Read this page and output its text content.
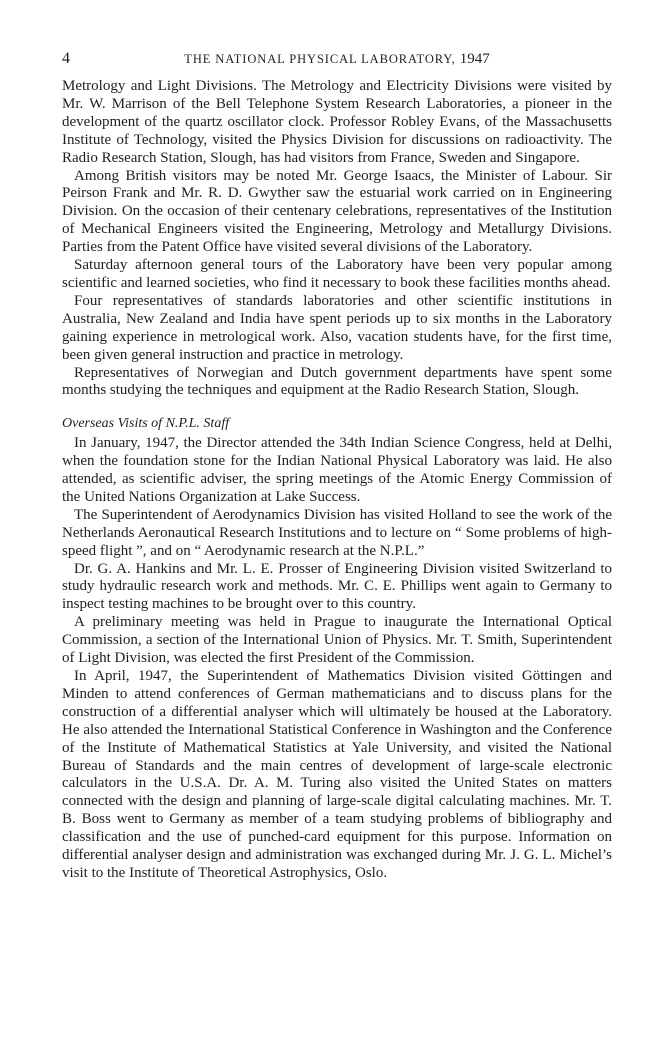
4	THE NATIONAL PHYSICAL LABORATORY, 1947

Metrology and Light Divisions. The Metrology and Electricity Divisions were visited by Mr. W. Marrison of the Bell Telephone System Research Laboratories, a pioneer in the development of the quartz oscillator clock. Professor Robley Evans, of the Massachusetts Institute of Technology, visited the Physics Division for discussions on radioactivity. The Radio Research Station, Slough, has had visitors from France, Sweden and Singapore.

Among British visitors may be noted Mr. George Isaacs, the Minister of Labour. Sir Peirson Frank and Mr. R. D. Gwyther saw the estuarial work carried on in Engineering Division. On the occasion of their centenary celebrations, representatives of the Institution of Mechanical Engineers visited the Engineering, Metrology and Metallurgy Divisions. Parties from the Patent Office have visited several divisions of the Laboratory.

Saturday afternoon general tours of the Laboratory have been very popular among scientific and learned societies, who find it necessary to book these facilities months ahead.

Four representatives of standards laboratories and other scientific institutions in Australia, New Zealand and India have spent periods up to six months in the Laboratory gaining experience in metrological work. Also, vacation students have, for the first time, been given general instruction and practice in metrology.

Representatives of Norwegian and Dutch government departments have spent some months studying the techniques and equipment at the Radio Research Station, Slough.

Overseas Visits of N.P.L. Staff

In January, 1947, the Director attended the 34th Indian Science Congress, held at Delhi, when the foundation stone for the Indian National Physical Laboratory was laid. He also attended, as scientific adviser, the spring meetings of the Atomic Energy Commission of the United Nations Organization at Lake Success.

The Superintendent of Aerodynamics Division has visited Holland to see the work of the Netherlands Aeronautical Research Institutions and to lecture on “ Some problems of high-speed flight ”, and on “ Aerodynamic research at the N.P.L.”

Dr. G. A. Hankins and Mr. L. E. Prosser of Engineering Division visited Switzerland to study hydraulic research work and methods. Mr. C. E. Phillips went again to Germany to inspect testing machines to be brought over to this country.

A preliminary meeting was held in Prague to inaugurate the International Optical Commission, a section of the International Union of Physics. Mr. T. Smith, Superintendent of Light Division, was elected the first President of the Commission.

In April, 1947, the Superintendent of Mathematics Division visited Göttingen and Minden to attend conferences of German mathematicians and to discuss plans for the construction of a differential analyser which will ultimately be housed at the Laboratory. He also attended the International Statistical Conference in Washington and the Conference of the Institute of Mathematical Statistics at Yale University, and visited the National Bureau of Standards and the main centres of development of large-scale electronic calculators in the U.S.A. Dr. A. M. Turing also visited the United States on matters connected with the design and planning of large-scale digital calculating machines. Mr. T. B. Boss went to Germany as member of a team studying problems of bibliography and classification and the use of punched-card equipment for this purpose. Information on differential analyser design and administration was exchanged during Mr. J. G. L. Michel’s visit to the Institute of Theoretical Astrophysics, Oslo.
